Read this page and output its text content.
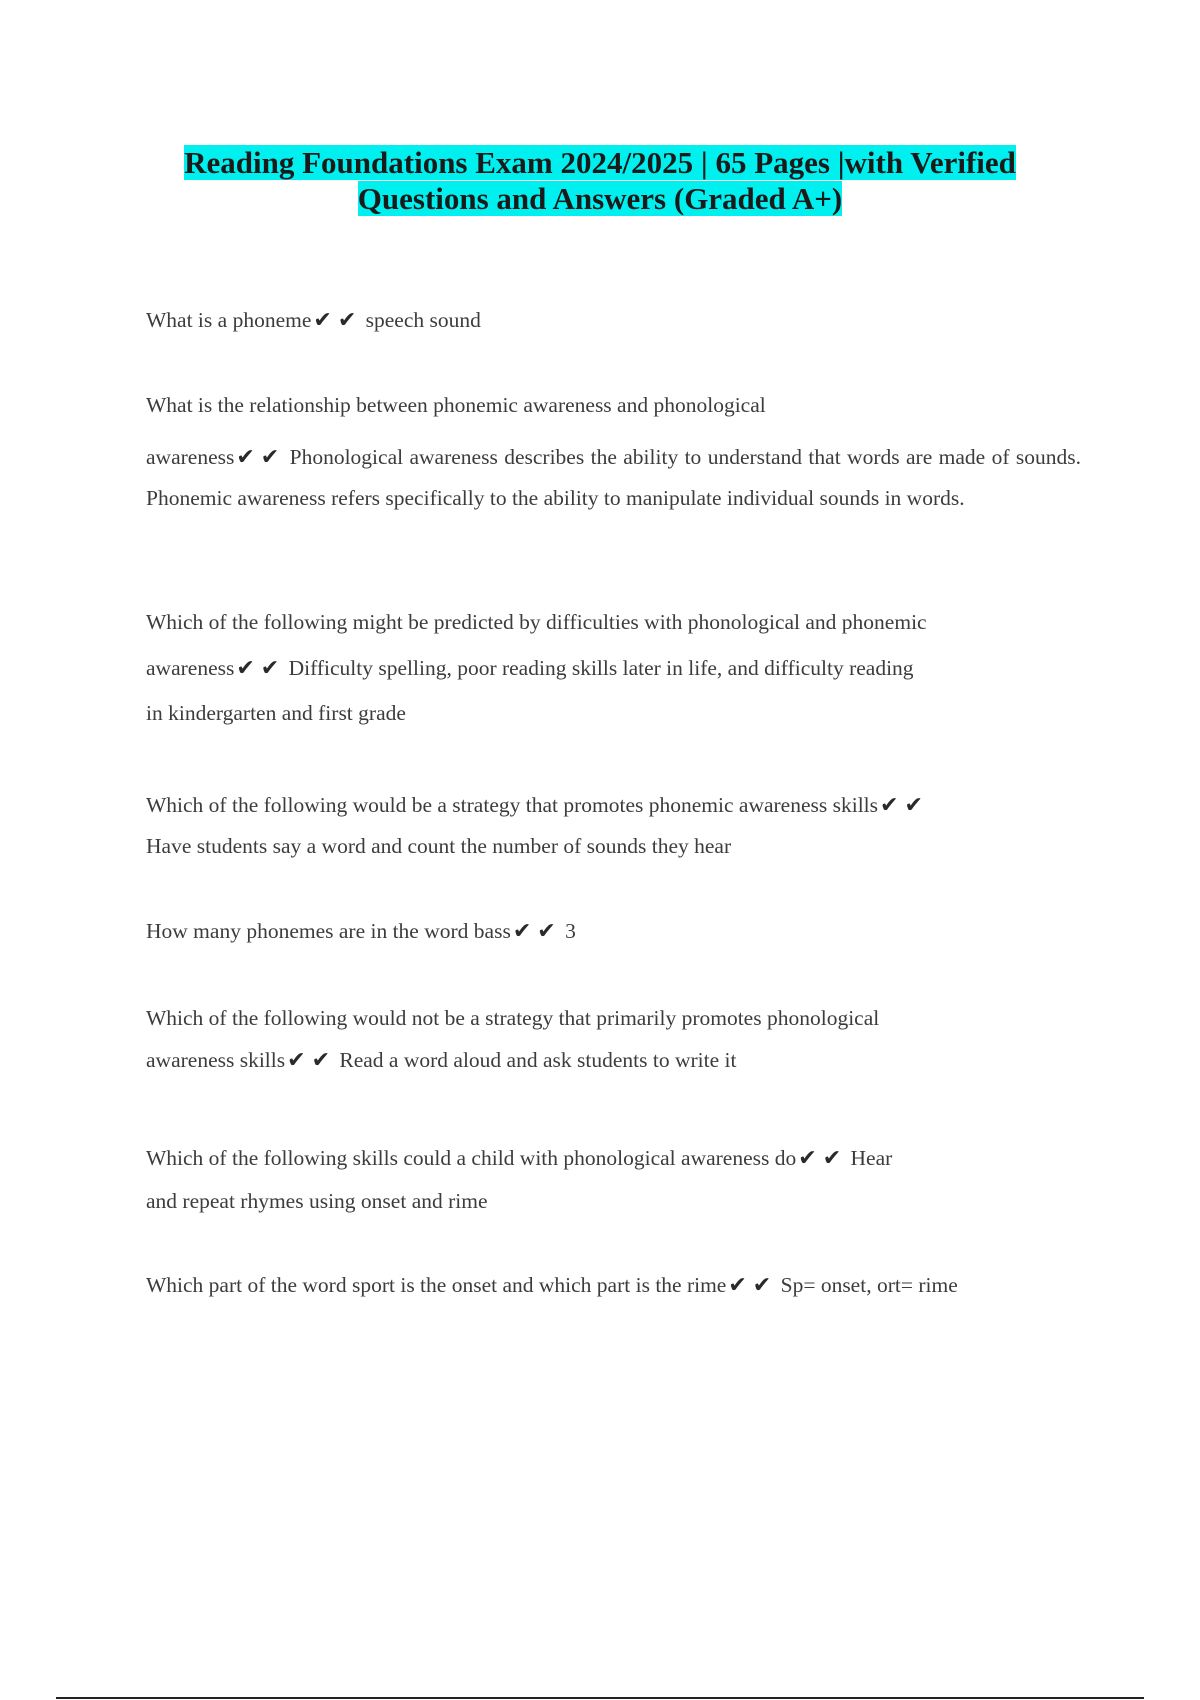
Reading Foundations Exam 2024/2025 | 65 Pages |with Verified
Questions and Answers (Graded A+)
What is a phoneme✔ ✔ speech sound
What is the relationship between phonemic awareness and phonological
awareness✔ ✔ Phonological awareness describes the ability to understand that words are made of sounds. Phonemic awareness refers specifically to the ability to manipulate individual sounds in words.
Which of the following might be predicted by difficulties with phonological and phonemic
awareness✔ ✔ Difficulty spelling, poor reading skills later in life, and difficulty reading
in kindergarten and first grade
Which of the following would be a strategy that promotes phonemic awareness skills✔ ✔
Have students say a word and count the number of sounds they hear
How many phonemes are in the word bass✔ ✔ 3
Which of the following would not be a strategy that primarily promotes phonological
awareness skills✔ ✔ Read a word aloud and ask students to write it
Which of the following skills could a child with phonological awareness do✔ ✔ Hear
and repeat rhymes using onset and rime
Which part of the word sport is the onset and which part is the rime✔ ✔ Sp= onset, ort= rime
